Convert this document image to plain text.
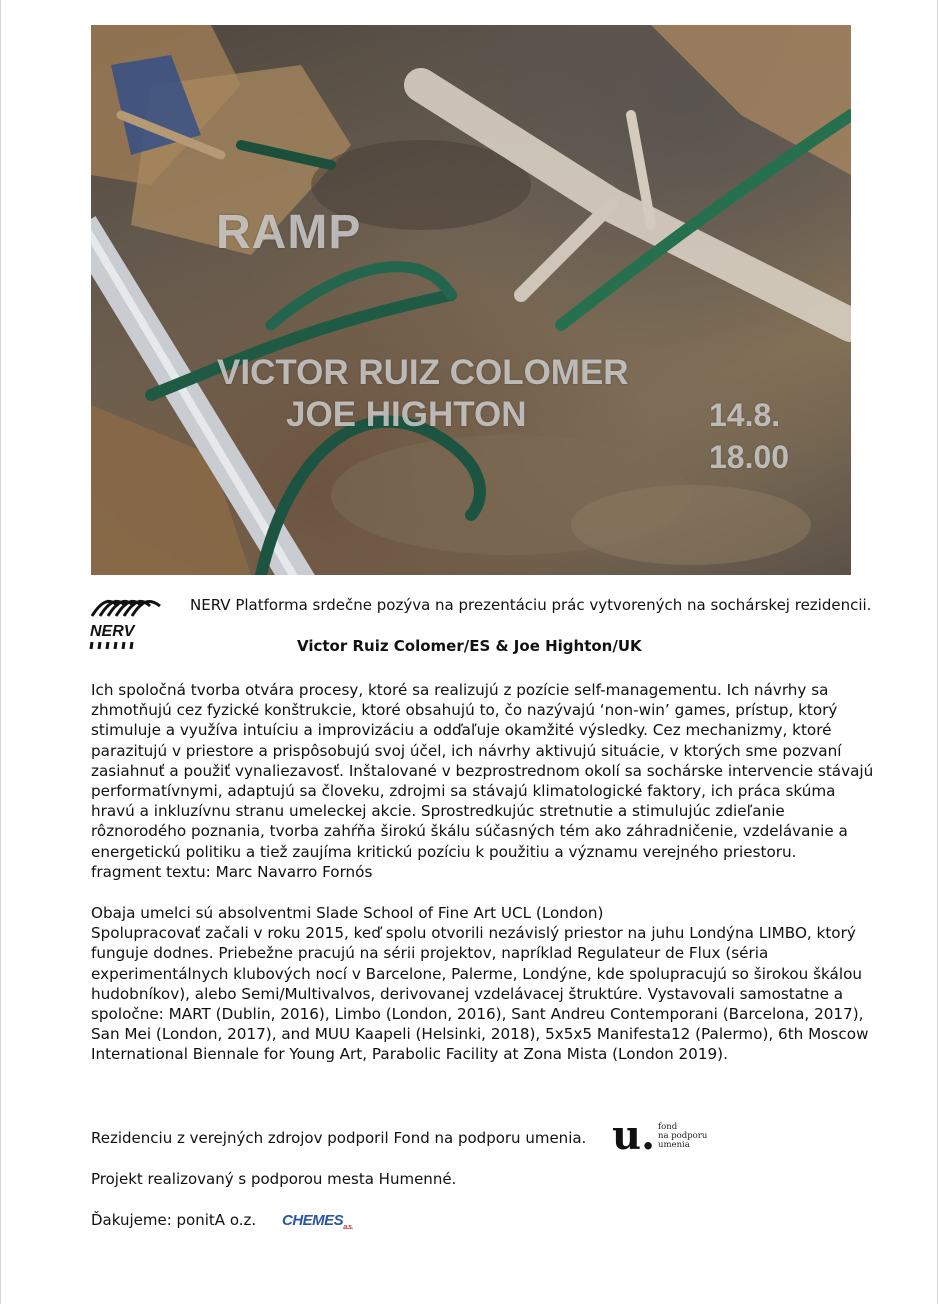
RAMP
VICTOR RUIZ COLOMER
JOE HIGHTON	14.8.
18.00
NERV
NERV Platforma srdečne pozýva na prezentáciu prác vytvorených na sochárskej rezidencii.
Victor Ruiz Colomer/ES & Joe Highton/UK
Ich spoločná tvorba otvára procesy, ktoré sa realizujú z pozície self-managementu. Ich návrhy sa
zhmotňujú cez fyzické konštrukcie, ktoré obsahujú to, čo nazývajú ‘non-win’ games, prístup, ktorý
stimuluje a využíva intuíciu a improvizáciu a odďaľuje okamžité výsledky. Cez mechanizmy, ktoré
parazitujú v priestore a prispôsobujú svoj účel, ich návrhy aktivujú situácie, v ktorých sme pozvaní
zasiahnuť a použiť vynaliezavosť. Inštalované v bezprostrednom okolí sa sochárske intervencie stávajú
performatívnymi, adaptujú sa človeku, zdrojmi sa stávajú klimatologické faktory, ich práca skúma
hravú a inkluzívnu stranu umeleckej akcie. Sprostredkujúc stretnutie a stimulujúc zdieľanie
rôznorodého poznania, tvorba zahŕňa širokú škálu súčasných tém ako záhradničenie, vzdelávanie a
energetickú politiku a tiež zaujíma kritickú pozíciu k použitiu a významu verejného priestoru.
fragment textu: Marc Navarro Fornós
Obaja umelci sú absolventmi Slade School of Fine Art UCL (London)
Spolupracovať začali v roku 2015, keď spolu otvorili nezávislý priestor na juhu Londýna LIMBO, ktorý
funguje dodnes. Priebežne pracujú na sérii projektov, napríklad Regulateur de Flux (séria
experimentálnych klubových nocí v Barcelone, Palerme, Londýne, kde spolupracujú so širokou škálou
hudobníkov), alebo Semi/Multivalvos, derivovanej vzdelávacej štruktúre. Vystavovali samostatne a
spoločne: MART (Dublin, 2016), Limbo (London, 2016), Sant Andreu Contemporani (Barcelona, 2017),
San Mei (London, 2017), and MUU Kaapeli (Helsinki, 2018), 5x5x5 Manifesta12 (Palermo), 6th Moscow
International Biennale for Young Art, Parabolic Facility at Zona Mista (London 2019).
Rezidenciu z verejných zdrojov podporil Fond na podporu umenia.
Projekt realizovaný s podporou mesta Humenné.
Ďakujeme: ponitA o.z.
u. fond
na podporu
umenia
$CHEMES_{a.s.}$
